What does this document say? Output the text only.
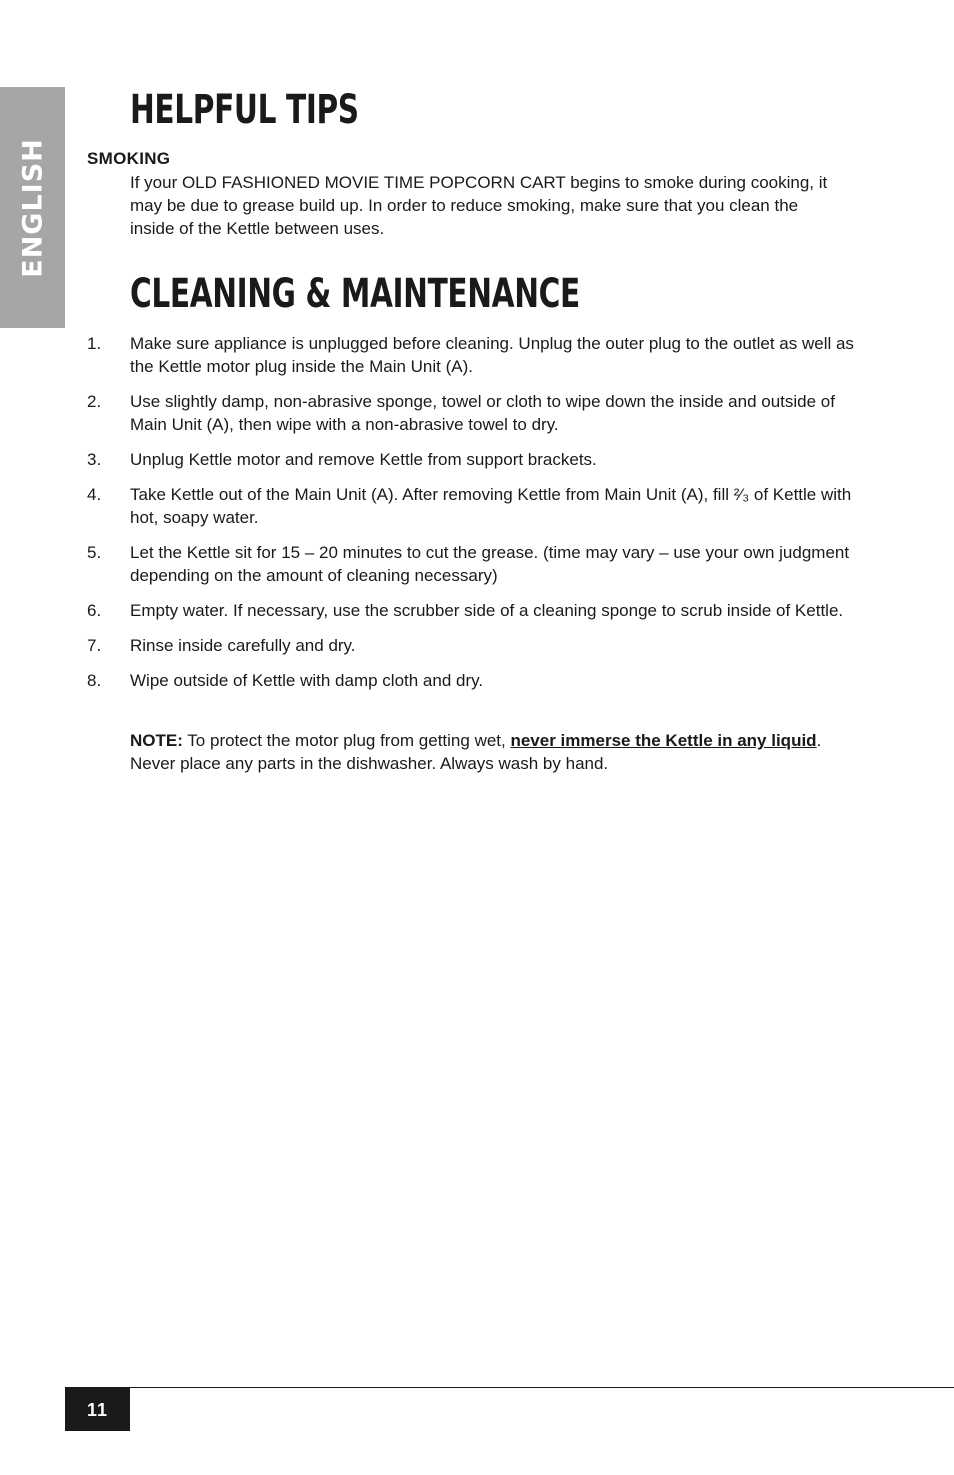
ENGLISH
HELPFUL TIPS
SMOKING

If your OLD FASHIONED MOVIE TIME POPCORN CART begins to smoke during cooking, it may be due to grease build up. In order to reduce smoking, make sure that you clean the inside of the Kettle between uses.

CLEANING & MAINTENANCE
1.	Make sure appliance is unplugged before cleaning. Unplug the outer plug to the outlet as well as the Kettle motor plug inside the Main Unit (A).
2.	Use slightly damp, non-abrasive sponge, towel or cloth to wipe down the inside and outside of Main Unit (A), then wipe with a non-abrasive towel to dry.
3.	Unplug Kettle motor and remove Kettle from support brackets.
4.	Take Kettle out of the Main Unit (A). After removing Kettle from Main Unit (A), fill ²⁄₃ of Kettle with hot, soapy water.
5.	Let the Kettle sit for 15 – 20 minutes to cut the grease. (time may vary – use your own judgment depending on the amount of cleaning necessary)
6.	Empty water. If necessary, use the scrubber side of a cleaning sponge to scrub inside of Kettle.
7.	Rinse inside carefully and dry.
8.	Wipe outside of Kettle with damp cloth and dry.

NOTE: To protect the motor plug from getting wet, never immerse the Kettle in any liquid. Never place any parts in the dishwasher. Always wash by hand.

11
